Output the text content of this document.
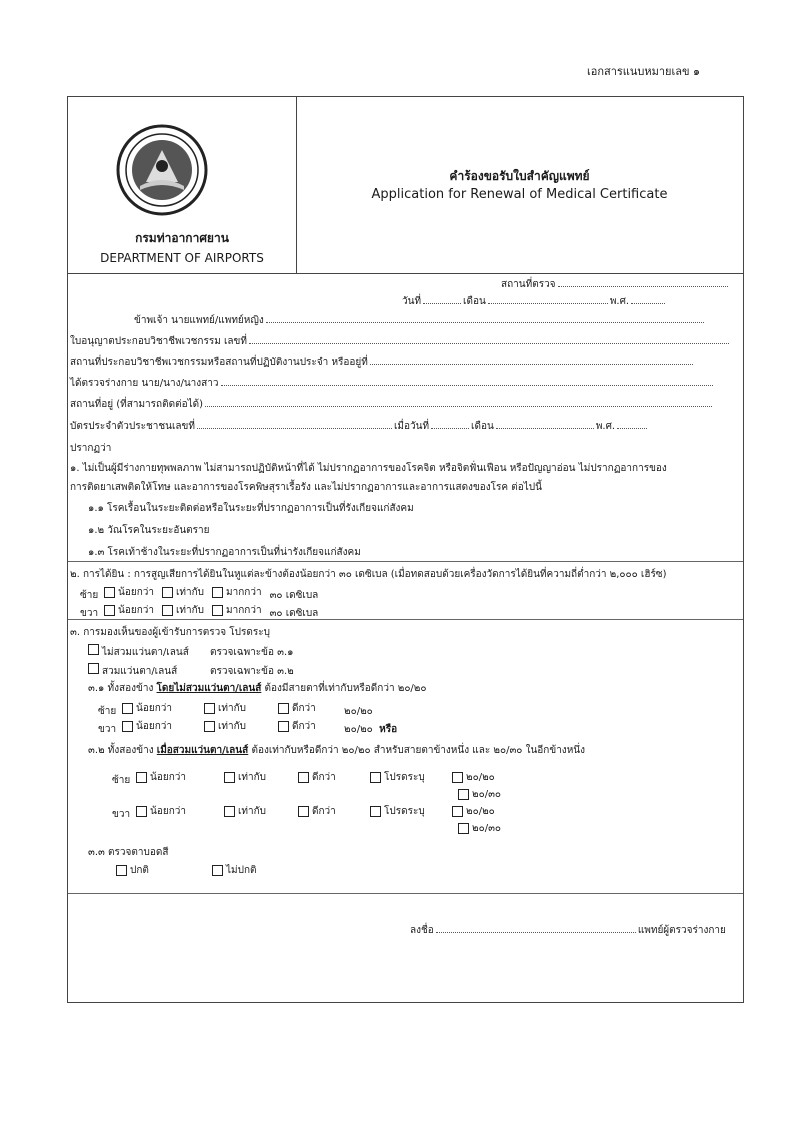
เอกสารแนบหมายเลข ๑
กรมท่าอากาศยาน
DEPARTMENT OF AIRPORTS
คำร้องขอรับใบสำคัญแพทย์
Application for Renewal of Medical Certificate
สถานที่ตรวจ
วันที่	เดือน	พ.ศ.
ข้าพเจ้า นายแพทย์/แพทย์หญิง
ใบอนุญาตประกอบวิชาชีพเวชกรรม เลขที่
สถานที่ประกอบวิชาชีพเวชกรรมหรือสถานที่ปฏิบัติงานประจำ หรืออยู่ที่
ได้ตรวจร่างกาย นาย/นาง/นางสาว
สถานที่อยู่ (ที่สามารถติดต่อได้)
บัตรประจำตัวประชาชนเลขที่	เมื่อวันที่	เดือน	พ.ศ.
ปรากฏว่า
๑. ไม่เป็นผู้มีร่างกายทุพพลภาพ ไม่สามารถปฏิบัติหน้าที่ได้ ไม่ปรากฏอาการของโรคจิต หรือจิตฟั่นเฟือน หรือปัญญาอ่อน ไม่ปรากฏอาการของ
การติดยาเสพติดให้โทษ และอาการของโรคพิษสุราเรื้อรัง และไม่ปรากฏอาการและอาการแสดงของโรค ต่อไปนี้
๑.๑ โรคเรื้อนในระยะติดต่อหรือในระยะที่ปรากฏอาการเป็นที่รังเกียจแก่สังคม
๑.๒ วัณโรคในระยะอันตราย
๑.๓ โรคเท้าช้างในระยะที่ปรากฏอาการเป็นที่น่ารังเกียจแก่สังคม
๒. การได้ยิน : การสูญเสียการได้ยินในหูแต่ละข้างต้องน้อยกว่า ๓๐ เดซิเบล (เมื่อทดสอบด้วยเครื่องวัดการได้ยินที่ความถี่ต่ำกว่า ๒,๐๐๐ เฮิร์ซ)
ซ้าย	น้อยกว่า เท่ากับ มากกว่า ๓๐ เดซิเบล
ขวา	น้อยกว่า เท่ากับ มากกว่า ๓๐ เดซิเบล
๓. การมองเห็นของผู้เข้ารับการตรวจ โปรดระบุ
ไม่สวมแว่นตา/เลนส์	ตรวจเฉพาะข้อ ๓.๑
สวมแว่นตา/เลนส์	ตรวจเฉพาะข้อ ๓.๒
๓.๑ ทั้งสองข้าง
โดยไม่สวมแว่นตา/เลนส์
ต้องมีสายตาที่เท่ากับหรือดีกว่า ๒๐/๒๐
ซ้าย	น้อยกว่า	เท่ากับ	ดีกว่า	๒๐/๒๐
ขวา	น้อยกว่า	เท่ากับ	ดีกว่า	๒๐/๒๐
หรือ
๓.๒ ทั้งสองข้าง
เมื่อสวมแว่นตา/เลนส์
ต้องเท่ากับหรือดีกว่า ๒๐/๒๐ สำหรับสายตาข้างหนึ่ง และ ๒๐/๓๐ ในอีกข้างหนึ่ง
ซ้าย	น้อยกว่า	เท่ากับ	ดีกว่า	โปรดระบุ	๒๐/๒๐
๒๐/๓๐
ขวา	น้อยกว่า	เท่ากับ	ดีกว่า	โปรดระบุ	๒๐/๒๐
๒๐/๓๐
๓.๓ ตรวจตาบอดสี
ปกติ	ไม่ปกติ
ลงชื่อ	แพทย์ผู้ตรวจร่างกาย
